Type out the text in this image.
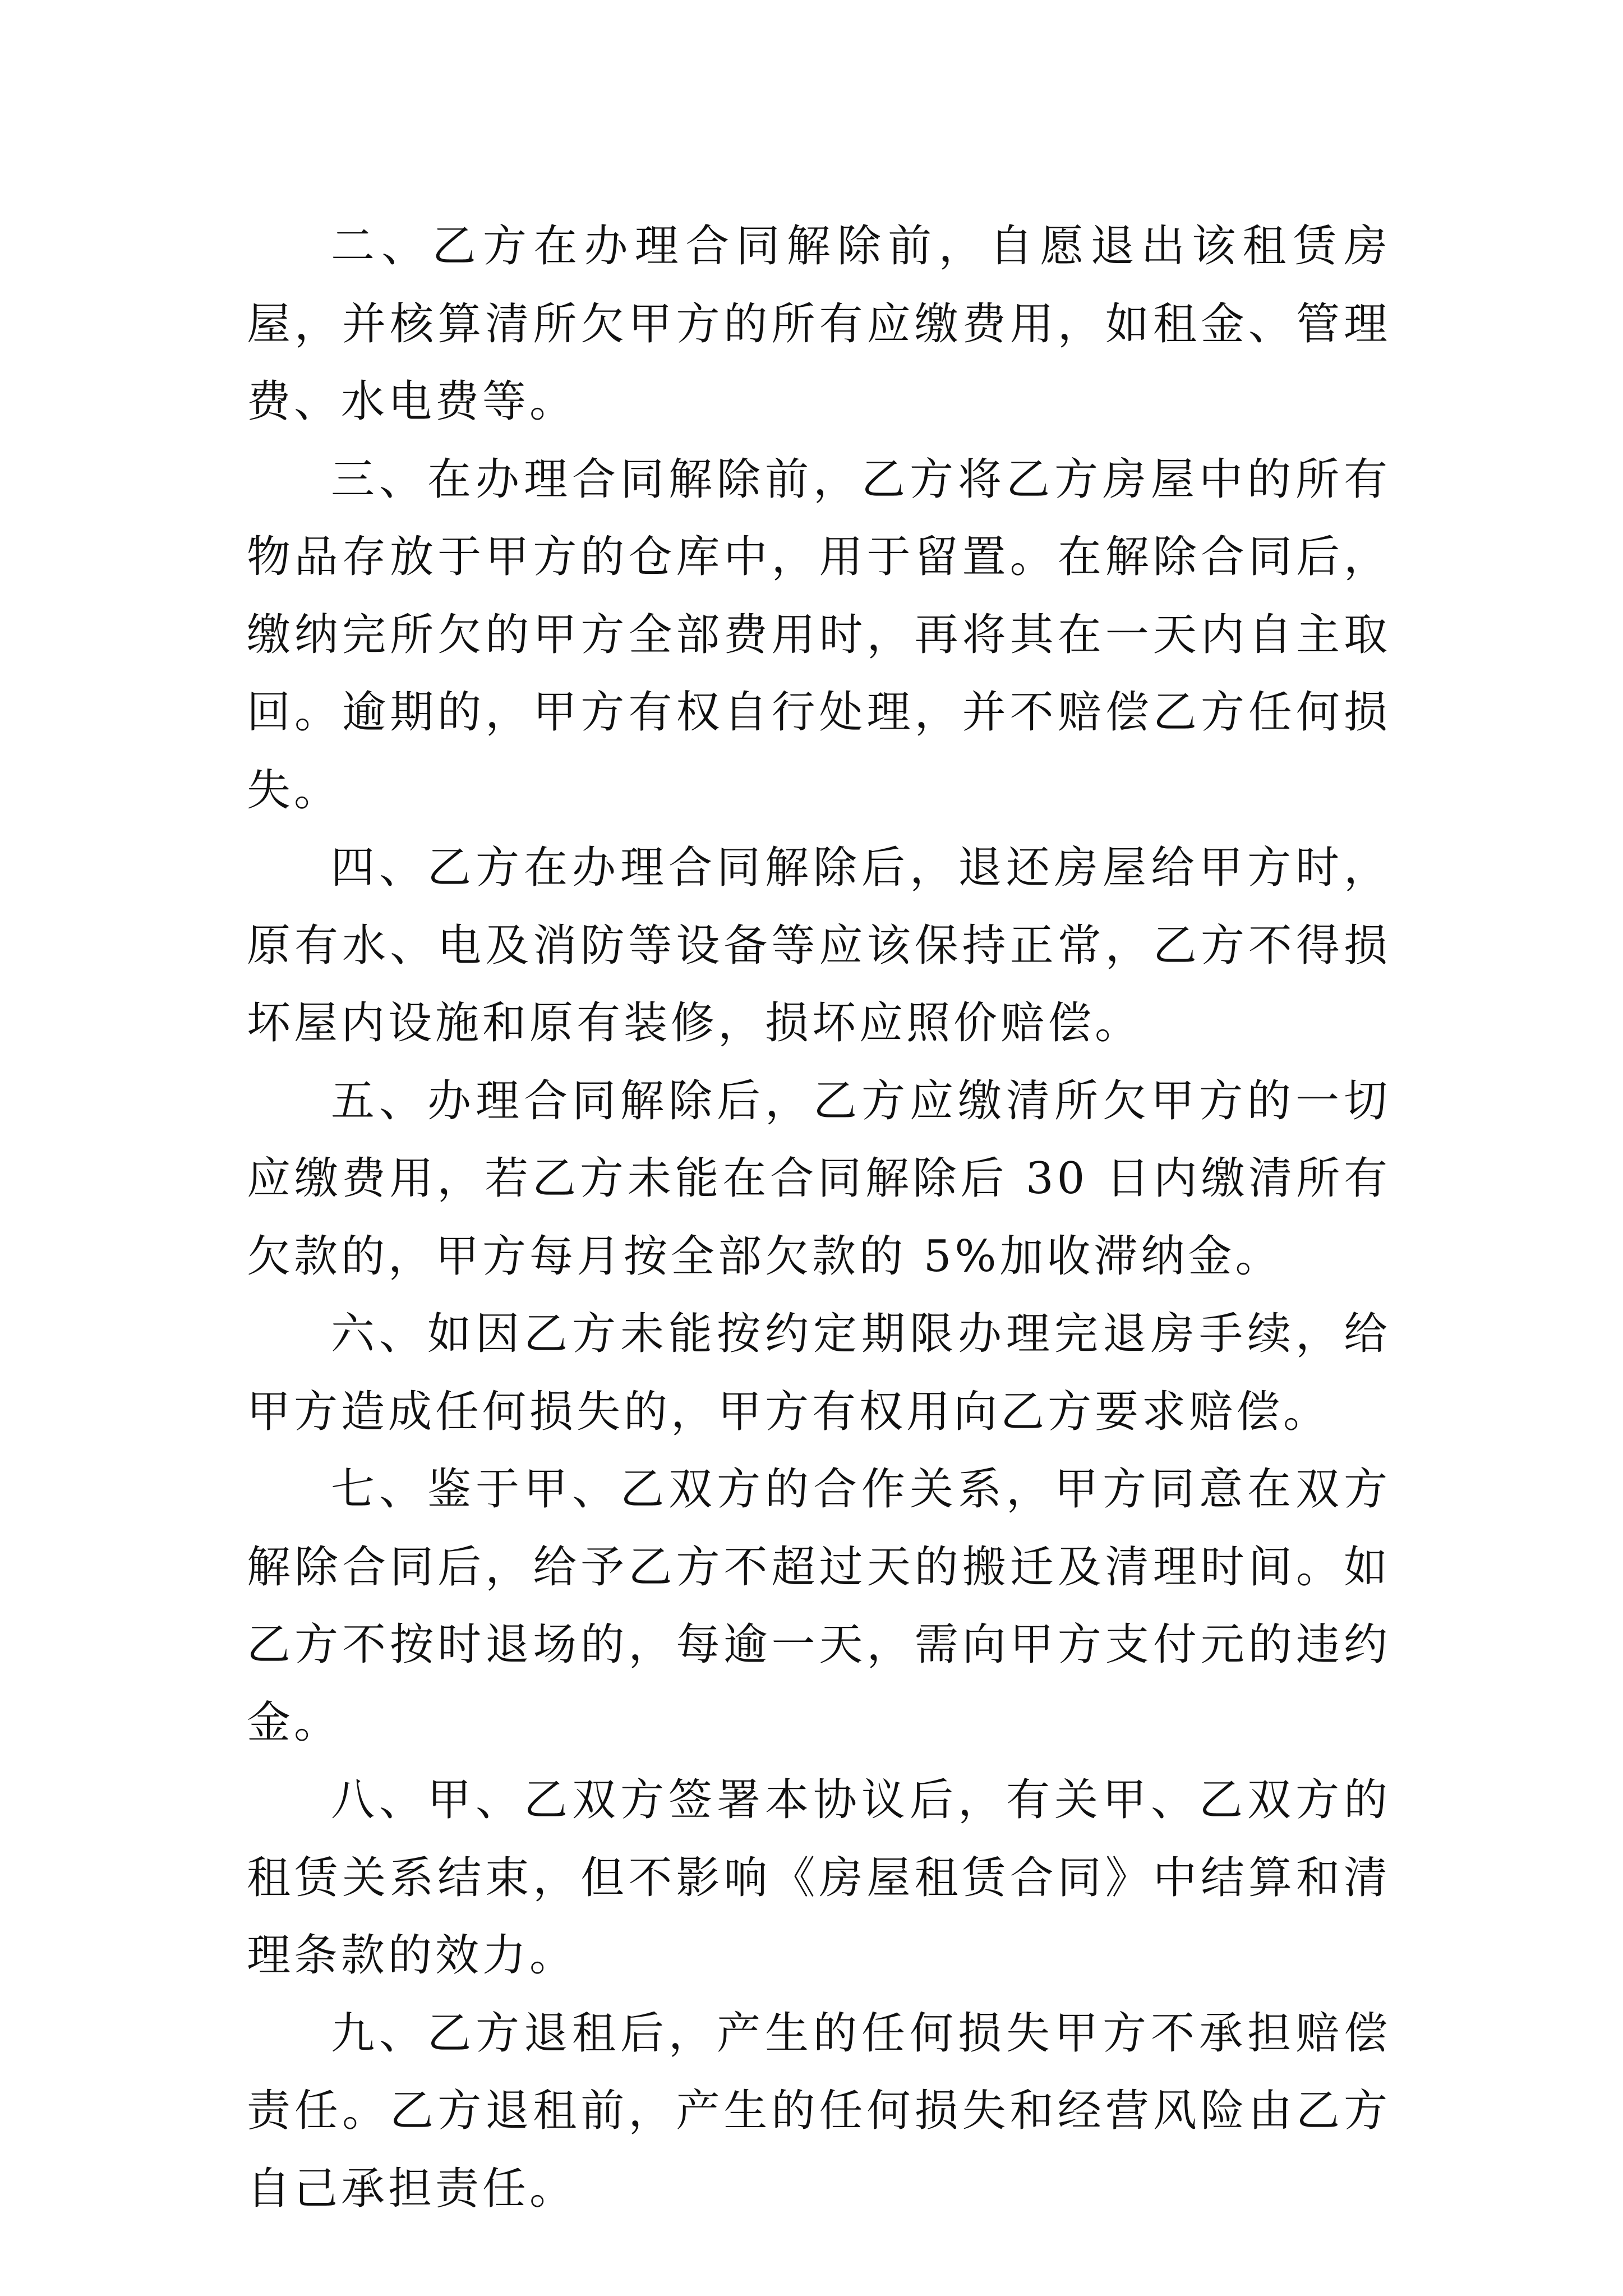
二、乙方在办理合同解除前，自愿退出该租赁房屋，并核算清所欠甲方的所有应缴费用，如租金、管理费、水电费等。

三、在办理合同解除前，乙方将乙方房屋中的所有物品存放于甲方的仓库中，用于留置。在解除合同后，缴纳完所欠的甲方全部费用时，再将其在一天内自主取回。逾期的，甲方有权自行处理，并不赔偿乙方任何损失。

四、乙方在办理合同解除后，退还房屋给甲方时，原有水、电及消防等设备等应该保持正常，乙方不得损坏屋内设施和原有装修，损坏应照价赔偿。

五、办理合同解除后，乙方应缴清所欠甲方的一切应缴费用，若乙方未能在合同解除后 30 日内缴清所有欠款的，甲方每月按全部欠款的 5%加收滞纳金。

六、如因乙方未能按约定期限办理完退房手续，给甲方造成任何损失的，甲方有权用向乙方要求赔偿。

七、鉴于甲、乙双方的合作关系，甲方同意在双方解除合同后，给予乙方不超过天的搬迁及清理时间。如乙方不按时退场的，每逾一天，需向甲方支付元的违约金。

八、甲、乙双方签署本协议后，有关甲、乙双方的租赁关系结束，但不影响《房屋租赁合同》中结算和清理条款的效力。

九、乙方退租后，产生的任何损失甲方不承担赔偿责任。乙方退租前，产生的任何损失和经营风险由乙方自己承担责任。
